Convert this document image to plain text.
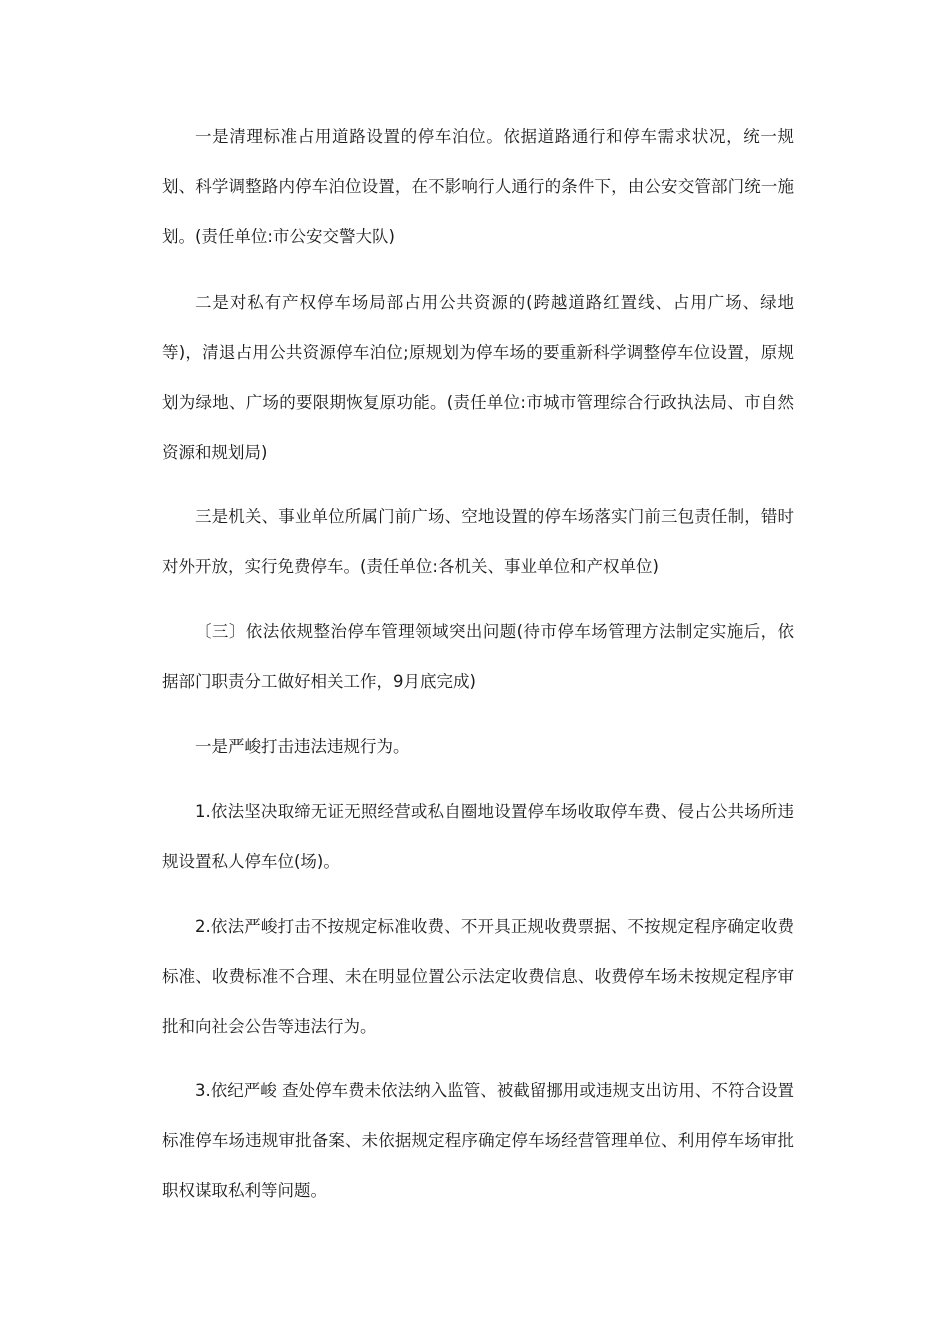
一是清理标准占用道路设置的停车泊位。依据道路通行和停车需求状况，统一规划、科学调整路内停车泊位设置，在不影响行人通行的条件下，由公安交管部门统一施划。(责任单位:市公安交警大队)

二是对私有产权停车场局部占用公共资源的(跨越道路红置线、占用广场、绿地等)，清退占用公共资源停车泊位;原规划为停车场的要重新科学调整停车位设置，原规划为绿地、广场的要限期恢复原功能。(责任单位:市城市管理综合行政执法局、市自然资源和规划局)

三是机关、事业单位所属门前广场、空地设置的停车场落实门前三包责任制，错时对外开放，实行免费停车。(责任单位:各机关、事业单位和产权单位)

〔三〕依法依规整治停车管理领域突出问题(待市停车场管理方法制定实施后，依据部门职责分工做好相关工作，9月底完成)

一是严峻打击违法违规行为。

1.依法坚决取缔无证无照经营或私自圈地设置停车场收取停车费、侵占公共场所违规设置私人停车位(场)。

2.依法严峻打击不按规定标准收费、不开具正规收费票据、不按规定程序确定收费标准、收费标准不合理、未在明显位置公示法定收费信息、收费停车场未按规定程序审批和向社会公告等违法行为。

3.依纪严峻 查处停车费未依法纳入监管、被截留挪用或违规支出访用、不符合设置标准停车场违规审批备案、未依据规定程序确定停车场经营管理单位、利用停车场审批职权谋取私利等问题。
